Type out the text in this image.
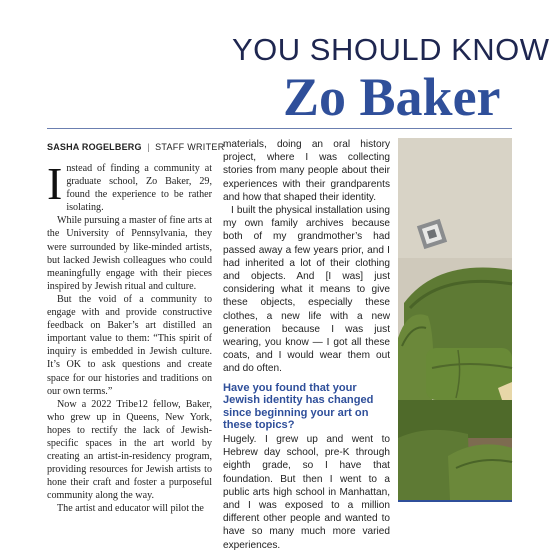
YOU SHOULD KNOW
Zo Baker
SASHA ROGELBERG | STAFF WRITER

Instead of finding a community at graduate school, Zo Baker, 29, found the experience to be rather isolating.

While pursuing a master of fine arts at the University of Pennsylvania, they were surrounded by like-minded artists, but lacked Jewish colleagues who could meaningfully engage with their pieces inspired by Jewish ritual and culture.

But the void of a community to engage with and provide constructive feedback on Baker’s art distilled an important value to them: “This spirit of inquiry is embedded in Jewish culture. It’s OK to ask questions and create space for our histories and traditions on our own terms.”

Now a 2022 Tribe12 fellow, Baker, who grew up in Queens, New York, hopes to rectify the lack of Jewish-specific spaces in the art world by creating an artist-in-residency program, providing resources for Jewish artists to hone their craft and foster a purposeful community along the way.

The artist and educator will pilot the

materials, doing an oral history project, where I was collecting stories from many people about their experiences with their grandparents and how that shaped their identity.

I built the physical installation using my own family archives because both of my grandmother’s had passed away a few years prior, and I had inherited a lot of their clothing and objects. And [I was] just considering what it means to give these objects, especially these clothes, a new life with a new generation because I was just wearing, you know — I got all these coats, and I would wear them out and do often.

Have you found that your Jewish identity has changed since beginning your art on these topics?

Hugely. I grew up and went to Hebrew day school, pre-K through eighth grade, so I have that foundation. But then I went to a public arts high school in Manhattan, and I was exposed to a million different other people and wanted to have so many much more varied experiences.
